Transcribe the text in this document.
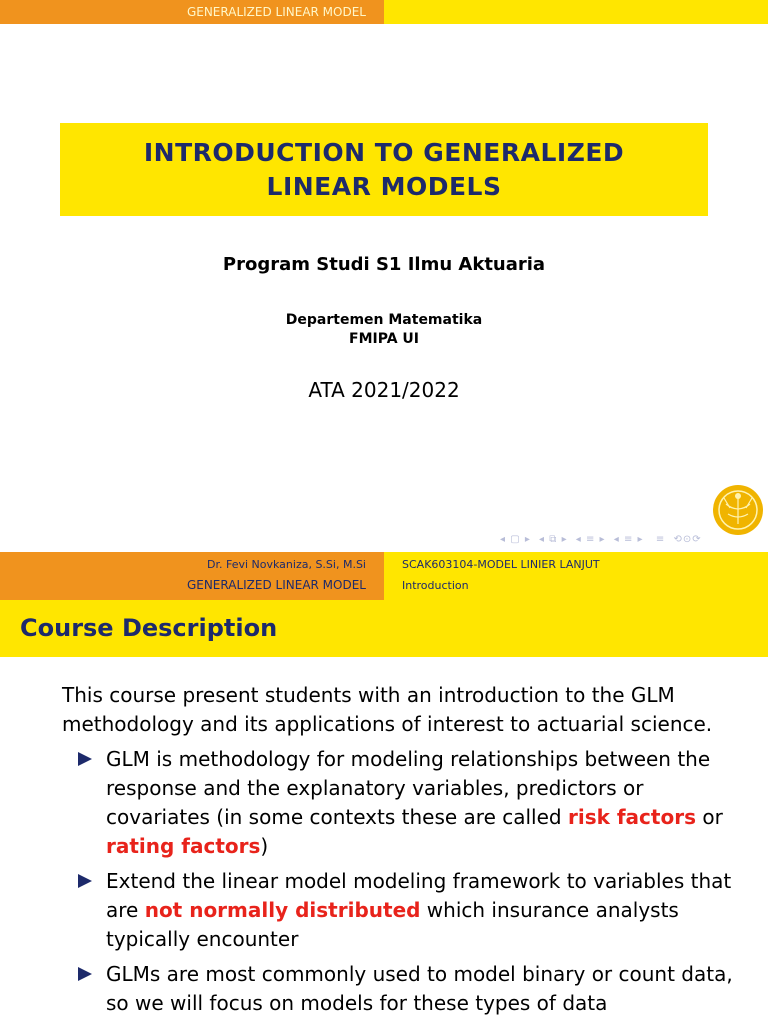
GENERALIZED LINEAR MODEL
INTRODUCTION TO GENERALIZED
LINEAR MODELS
Program Studi S1 Ilmu Aktuaria
Departemen Matematika
FMIPA UI
ATA 2021/2022
◂ ▢ ▸ ◂ ⧉ ▸ ◂ ≡ ▸ ◂ ≡ ▸  ≡ ⟲⊙⟳
Dr. Fevi Novkaniza, S.Si, M.Si
GENERALIZED LINEAR MODEL
SCAK603104-MODEL LINIER LANJUT
Introduction
Course Description
This course present students with an introduction to the GLM methodology and its applications of interest to actuarial science.
GLM is methodology for modeling relationships between the response and the explanatory variables, predictors or covariates (in some contexts these are called risk factors or rating factors)
Extend the linear model modeling framework to variables that are not normally distributed which insurance analysts typically encounter
GLMs are most commonly used to model binary or count data, so we will focus on models for these types of data
